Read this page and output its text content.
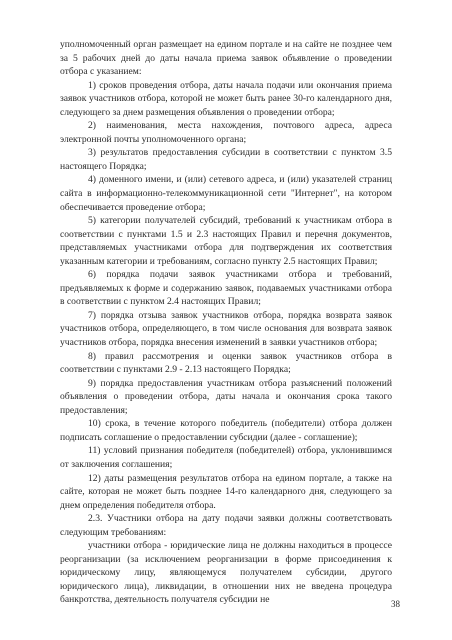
уполномоченный орган размещает на едином портале и на сайте не позднее чем за 5 рабочих дней до даты начала приема заявок объявление о проведении отбора с указанием:

1) сроков проведения отбора, даты начала подачи или окончания приема заявок участников отбора, которой не может быть ранее 30-го календарного дня, следующего за днем размещения объявления о проведении отбора;

2) наименования, места нахождения, почтового адреса, адреса электронной почты уполномоченного органа;

3) результатов предоставления субсидии в соответствии с пунктом 3.5 настоящего Порядка;

4) доменного имени, и (или) сетевого адреса, и (или) указателей страниц сайта в информационно-телекоммуникационной сети "Интернет", на котором обеспечивается проведение отбора;

5) категории получателей субсидий, требований к участникам отбора в соответствии с пунктами 1.5 и 2.3 настоящих Правил и перечня документов, представляемых участниками отбора для подтверждения их соответствия указанным категории и требованиям, согласно пункту 2.5 настоящих Правил;

6) порядка подачи заявок участниками отбора и требований, предъявляемых к форме и содержанию заявок, подаваемых участниками отбора в соответствии с пунктом 2.4 настоящих Правил;

7) порядка отзыва заявок участников отбора, порядка возврата заявок участников отбора, определяющего, в том числе основания для возврата заявок участников отбора, порядка внесения изменений в заявки участников отбора;

8) правил рассмотрения и оценки заявок участников отбора в соответствии с пунктами 2.9 - 2.13 настоящего Порядка;

9) порядка предоставления участникам отбора разъяснений положений объявления о проведении отбора, даты начала и окончания срока такого предоставления;

10) срока, в течение которого победитель (победители) отбора должен подписать соглашение о предоставлении субсидии (далее - соглашение);

11) условий признания победителя (победителей) отбора, уклонившимся от заключения соглашения;

12) даты размещения результатов отбора на едином портале, а также на сайте, которая не может быть позднее 14-го календарного дня, следующего за днем определения победителя отбора.

2.3. Участники отбора на дату подачи заявки должны соответствовать следующим требованиям:

участники отбора - юридические лица не должны находиться в процессе реорганизации (за исключением реорганизации в форме присоединения к юридическому лицу, являющемуся получателем субсидии, другого юридического лица), ликвидации, в отношении них не введена процедура банкротства, деятельность получателя субсидии не	38
